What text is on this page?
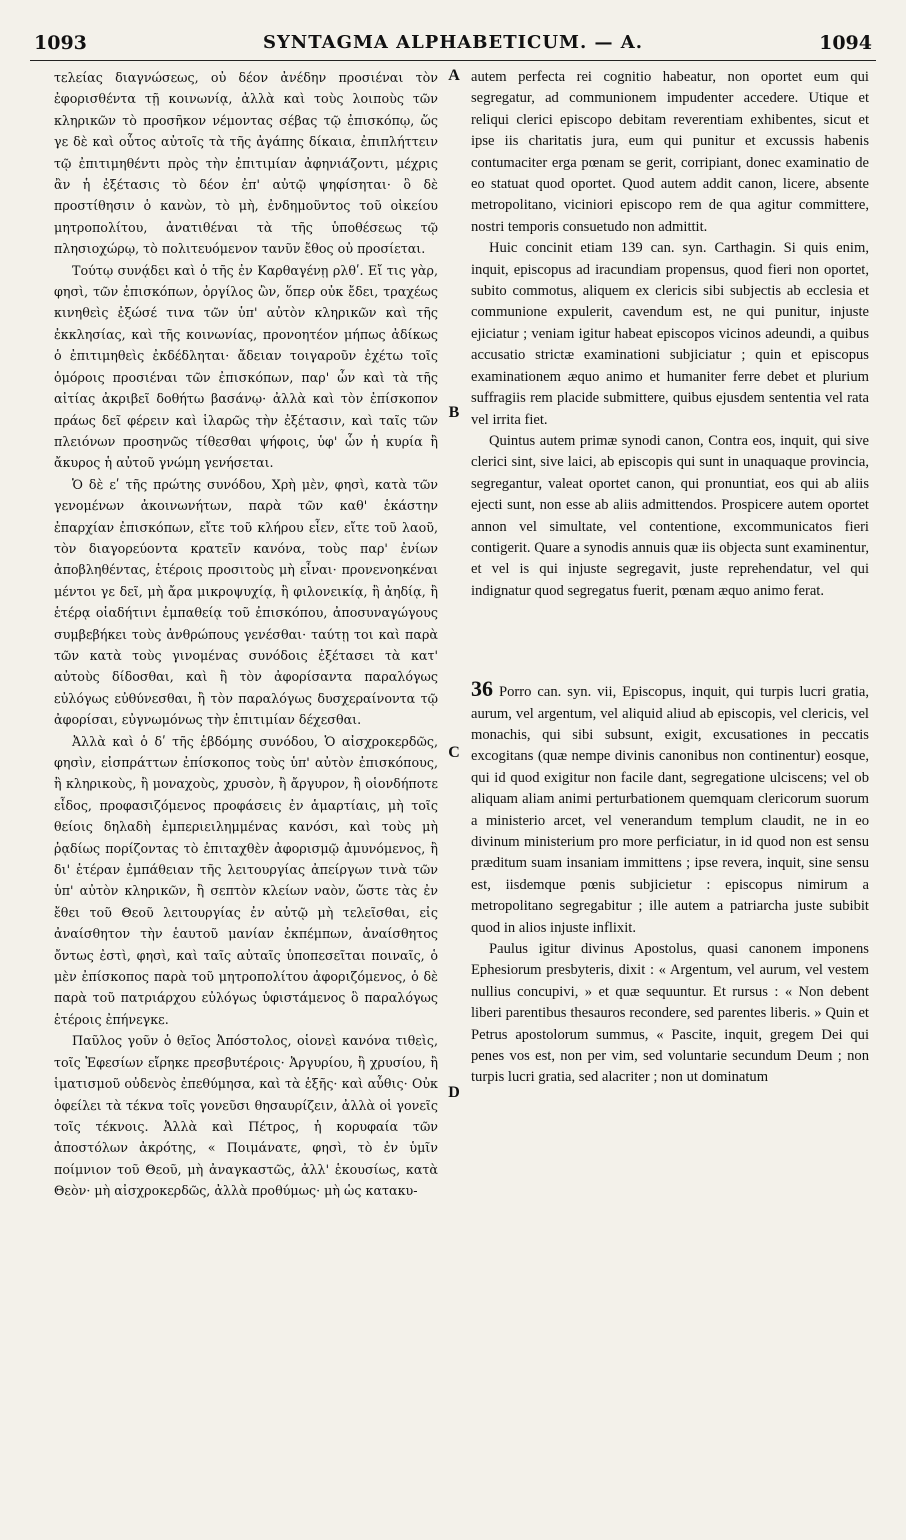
1093	SYNTAGMA ALPHABETICUM. — A.	1094
A
B
C
D

τελείας διαγνώσεως, οὐ δέον ἀνέδην προσιέναι τὸν ἐφορισθέντα τῇ κοινωνίᾳ, ἀλλὰ καὶ τοὺς λοιποὺς τῶν κληρικῶν τὸ προσῆκον νέμοντας σέβας τῷ ἐπισκόπῳ, ὥς γε δὲ καὶ οὗτος αὐτοῖς τὰ τῆς ἀγάπης δίκαια, ἐπιπλήττειν τῷ ἐπιτιμηθέντι πρὸς τὴν ἐπιτιμίαν ἀφηνιάζοντι, μέχρις ἂν ἡ ἐξέτασις τὸ δέον ἐπ' αὐτῷ ψηφίσηται· ὃ δὲ προστίθησιν ὁ κανὼν, τὸ μὴ, ἐνδημοῦντος τοῦ οἰκείου μητροπολίτου, ἀνατιθέναι τὰ τῆς ὑποθέσεως τῷ πλησιοχώρῳ, τὸ πολιτευόμενον τανῦν ἔθος οὐ προσίεται.

Τούτῳ συνᾴδει καὶ ὁ τῆς ἐν Καρθαγένῃ ρλθʹ. Εἴ τις γὰρ, φησὶ, τῶν ἐπισκόπων, ὀργίλος ὢν, ὅπερ οὐκ ἔδει, τραχέως κινηθεὶς ἐξώσέ τινα τῶν ὑπ' αὐτὸν κληρικῶν καὶ τῆς ἐκκλησίας, καὶ τῆς κοινωνίας, προνοητέον μήπως ἀδίκως ὁ ἐπιτιμηθεὶς ἐκδέδληται· ἄδειαν τοιγαροῦν ἐχέτω τοῖς ὁμόροις προσιέναι τῶν ἐπισκόπων, παρ' ὧν καὶ τὰ τῆς αἰτίας ἀκριβεῖ δοθήτω βασάνῳ· ἀλλὰ καὶ τὸν ἐπίσκοπον πράως δεῖ φέρειν καὶ ἱλαρῶς τὴν ἐξέτασιν, καὶ ταῖς τῶν πλειόνων προσηνῶς τίθεσθαι ψήφοις, ὑφ' ὧν ἡ κυρία ἢ ἄκυρος ἡ αὐτοῦ γνώμη γενήσεται.

Ὁ δὲ εʹ τῆς πρώτης συνόδου, Χρὴ μὲν, φησὶ, κατὰ τῶν γενομένων ἀκοινωνήτων, παρὰ τῶν καθ' ἑκάστην ἐπαρχίαν ἐπισκόπων, εἴτε τοῦ κλήρου εἶεν, εἴτε τοῦ λαοῦ, τὸν διαγορεύοντα κρατεῖν κανόνα, τοὺς παρ' ἐνίων ἀποβληθέντας, ἑτέροις προσιτοὺς μὴ εἶναι· προνενοηκέναι μέντοι γε δεῖ, μὴ ἄρα μικροψυχίᾳ, ἢ φιλονεικίᾳ, ἢ ἀηδίᾳ, ἢ ἑτέρᾳ οἱαδήτινι ἐμπαθείᾳ τοῦ ἐπισκόπου, ἀποσυναγώγους συμβεβήκει τοὺς ἀνθρώπους γενέσθαι· ταύτῃ τοι καὶ παρὰ τῶν κατὰ τοὺς γινομένας συνόδοις ἐξέτασει τὰ κατ' αὐτοὺς δίδοσθαι, καὶ ἢ τὸν ἀφορίσαντα παραλόγως εὐλόγως εὐθύνεσθαι, ἢ τὸν παραλόγως δυσχεραίνοντα τῷ ἀφορίσαι, εὐγνωμόνως τὴν ἐπιτιμίαν δέχεσθαι.

Ἀλλὰ καὶ ὁ δʹ τῆς ἑβδόμης συνόδου, Ὁ αἰσχροκερδῶς, φησὶν, εἰσπράττων ἐπίσκοπος τοὺς ὑπ' αὐτὸν ἐπισκόπους, ἢ κληρικοὺς, ἢ μοναχοὺς, χρυσὸν, ἢ ἄργυρον, ἢ οἱονδήποτε εἶδος, προφασιζόμενος προφάσεις ἐν ἁμαρτίαις, μὴ τοῖς θείοις δηλαδὴ ἐμπεριειλημμένας κανόσι, καὶ τοὺς μὴ ῥᾳδίως πορίζοντας τὸ ἐπιταχθὲν ἀφορισμῷ ἀμυνόμενος, ἢ δι' ἑτέραν ἐμπάθειαν τῆς λειτουργίας ἀπείργων τινὰ τῶν ὑπ' αὐτὸν κληρικῶν, ἢ σεπτὸν κλείων ναὸν, ὥστε τὰς ἐν ἔθει τοῦ Θεοῦ λειτουργίας ἐν αὐτῷ μὴ τελεῖσθαι, εἰς ἀναίσθητον τὴν ἑαυτοῦ μανίαν ἐκπέμπων, ἀναίσθητος ὄντως ἐστὶ, φησὶ, καὶ ταῖς αὐταῖς ὑποπεσεῖται ποιναῖς, ὁ μὲν ἐπίσκοπος παρὰ τοῦ μητροπολίτου ἀφοριζόμενος, ὁ δὲ παρὰ τοῦ πατριάρχου εὐλόγως ὑφιστάμενος ὃ παραλόγως ἑτέροις ἐπήνεγκε.

Παῦλος γοῦν ὁ θεῖος Ἀπόστολος, οἱονεὶ κανόνα τιθεὶς, τοῖς Ἐφεσίων εἴρηκε πρεσβυτέροις· Ἀργυρίου, ἢ χρυσίου, ἢ ἱματισμοῦ οὐδενὸς ἐπεθύμησα, καὶ τὰ ἑξῆς· καὶ αὖθις· Οὐκ ὀφείλει τὰ τέκνα τοῖς γονεῦσι θησαυρίζειν, ἀλλὰ οἱ γονεῖς τοῖς τέκνοις. Ἀλλὰ καὶ Πέτρος, ἡ κορυφαία τῶν ἀποστόλων ἀκρότης, « Ποιμάνατε, φησὶ, τὸ ἐν ὑμῖν ποίμνιον τοῦ Θεοῦ, μὴ ἀναγκαστῶς, ἀλλ' ἑκουσίως, κατὰ Θεὸν· μὴ αἰσχροκερδῶς, ἀλλὰ προθύμως· μὴ ὡς κατακυ-

autem perfecta rei cognitio habeatur, non oportet eum qui segregatur, ad communionem impudenter accedere. Utique et reliqui clerici episcopo debitam reverentiam exhibentes, sicut et ipse iis charitatis jura, eum qui punitur et excussis habenis contumaciter erga pœnam se gerit, corripiant, donec examinatio de eo statuat quod oportet. Quod autem addit canon, licere, absente metropolitano, viciniori episcopo rem de qua agitur committere, nostri temporis consuetudo non admittit.

Huic concinit etiam 139 can. syn. Carthagin. Si quis enim, inquit, episcopus ad iracundiam propensus, quod fieri non oportet, subito commotus, aliquem ex clericis sibi subjectis ab ecclesia et communione expulerit, cavendum est, ne qui punitur, injuste ejiciatur ; veniam igitur habeat episcopos vicinos adeundi, a quibus accusatio strictæ examinationi subjiciatur ; quin et episcopus examinationem æquo animo et humaniter ferre debet et plurium suffragiis rem placide submittere, quibus ejusdem sententia vel rata vel irrita fiet.

Quintus autem primæ synodi canon, Contra eos, inquit, qui sive clerici sint, sive laici, ab episcopis qui sunt in unaquaque provincia, segregantur, valeat oportet canon, qui pronuntiat, eos qui ab aliis ejecti sunt, non esse ab aliis admittendos. Prospicere autem oportet annon vel simultate, vel contentione, excommunicatos fieri contigerit. Quare a synodis annuis quæ iis objecta sunt examinentur, et vel is qui injuste segregavit, juste reprehendatur, vel qui indignatur quod segregatus fuerit, pœnam æquo animo ferat.

36 Porro can. syn. vii, Episcopus, inquit, qui turpis lucri gratia, aurum, vel argentum, vel aliquid aliud ab episcopis, vel clericis, vel monachis, qui sibi subsunt, exigit, excusationes in peccatis excogitans (quæ nempe divinis canonibus non continentur) eosque, qui id quod exigitur non facile dant, segregatione ulciscens; vel ob aliquam aliam animi perturbationem quemquam clericorum suorum a ministerio arcet, vel venerandum templum claudit, ne in eo divinum ministerium pro more perficiatur, in id quod non est sensu præditum suam insaniam immittens ; ipse revera, inquit, sine sensu est, iisdemque pœnis subjicietur : episcopus nimirum a metropolitano segregabitur ; ille autem a patriarcha juste subibit quod in alios injuste inflixit.

Paulus igitur divinus Apostolus, quasi canonem imponens Ephesiorum presbyteris, dixit : « Argentum, vel aurum, vel vestem nullius concupivi, » et quæ sequuntur. Et rursus : « Non debent liberi parentibus thesauros recondere, sed parentes liberis. » Quin et Petrus apostolorum summus, « Pascite, inquit, gregem Dei qui penes vos est, non per vim, sed voluntarie secundum Deum ; non turpis lucri gratia, sed alacriter ; non ut dominatum
